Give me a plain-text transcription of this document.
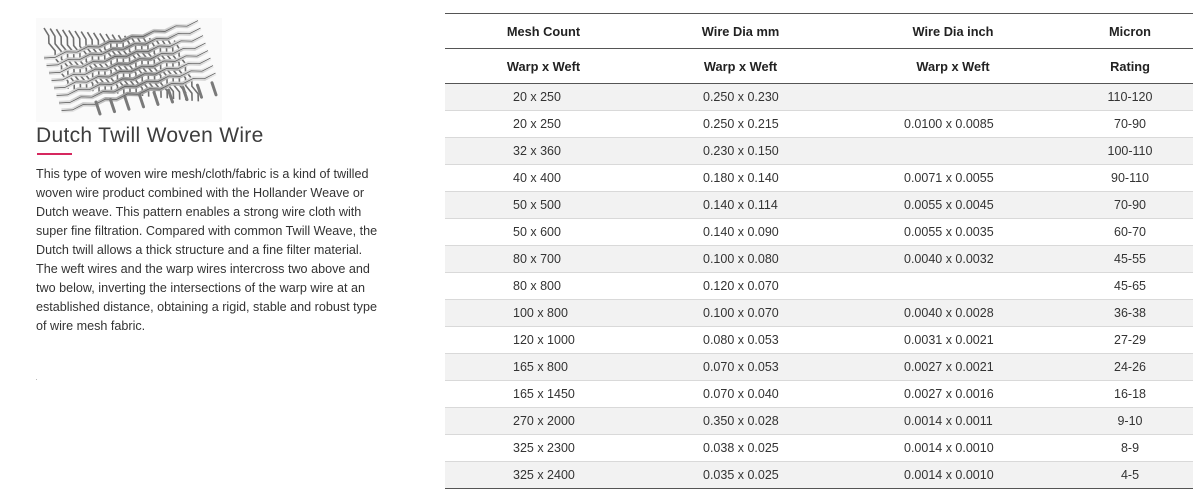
Dutch Twill Woven Wire

This type of woven wire mesh/cloth/fabric is a kind of twilled woven wire product combined with the Hollander Weave or Dutch weave. This pattern enables a strong wire cloth with super fine filtration. Compared with common Twill Weave, the Dutch twill allows a thick structure and a fine filter material. The weft wires and the warp wires intercross two above and two below, inverting the intersections of the warp wire at an established distance, obtaining a rigid, stable and robust type of wire mesh fabric.

Mesh Count	Wire Dia mm	Wire Dia inch	Micron
Warp x Weft	Warp x Weft	Warp x Weft	Rating
20 x 250	0.250 x 0.230		110-120
20 x 250	0.250 x 0.215	0.0100 x 0.0085	70-90
32 x 360	0.230 x 0.150		100-110
40 x 400	0.180 x 0.140	0.0071 x 0.0055	90-110
50 x 500	0.140 x 0.114	0.0055 x 0.0045	70-90
50 x 600	0.140 x 0.090	0.0055 x 0.0035	60-70
80 x 700	0.100 x 0.080	0.0040 x 0.0032	45-55
80 x 800	0.120 x 0.070		45-65
100 x 800	0.100 x 0.070	0.0040 x 0.0028	36-38
120 x 1000	0.080 x 0.053	0.0031 x 0.0021	27-29
165 x 800	0.070 x 0.053	0.0027 x 0.0021	24-26
165 x 1450	0.070 x 0.040	0.0027 x 0.0016	16-18
270 x 2000	0.350 x 0.028	0.0014 x 0.0011	9-10
325 x 2300	0.038 x 0.025	0.0014 x 0.0010	8-9
325 x 2400	0.035 x 0.025	0.0014 x 0.0010	4-5
